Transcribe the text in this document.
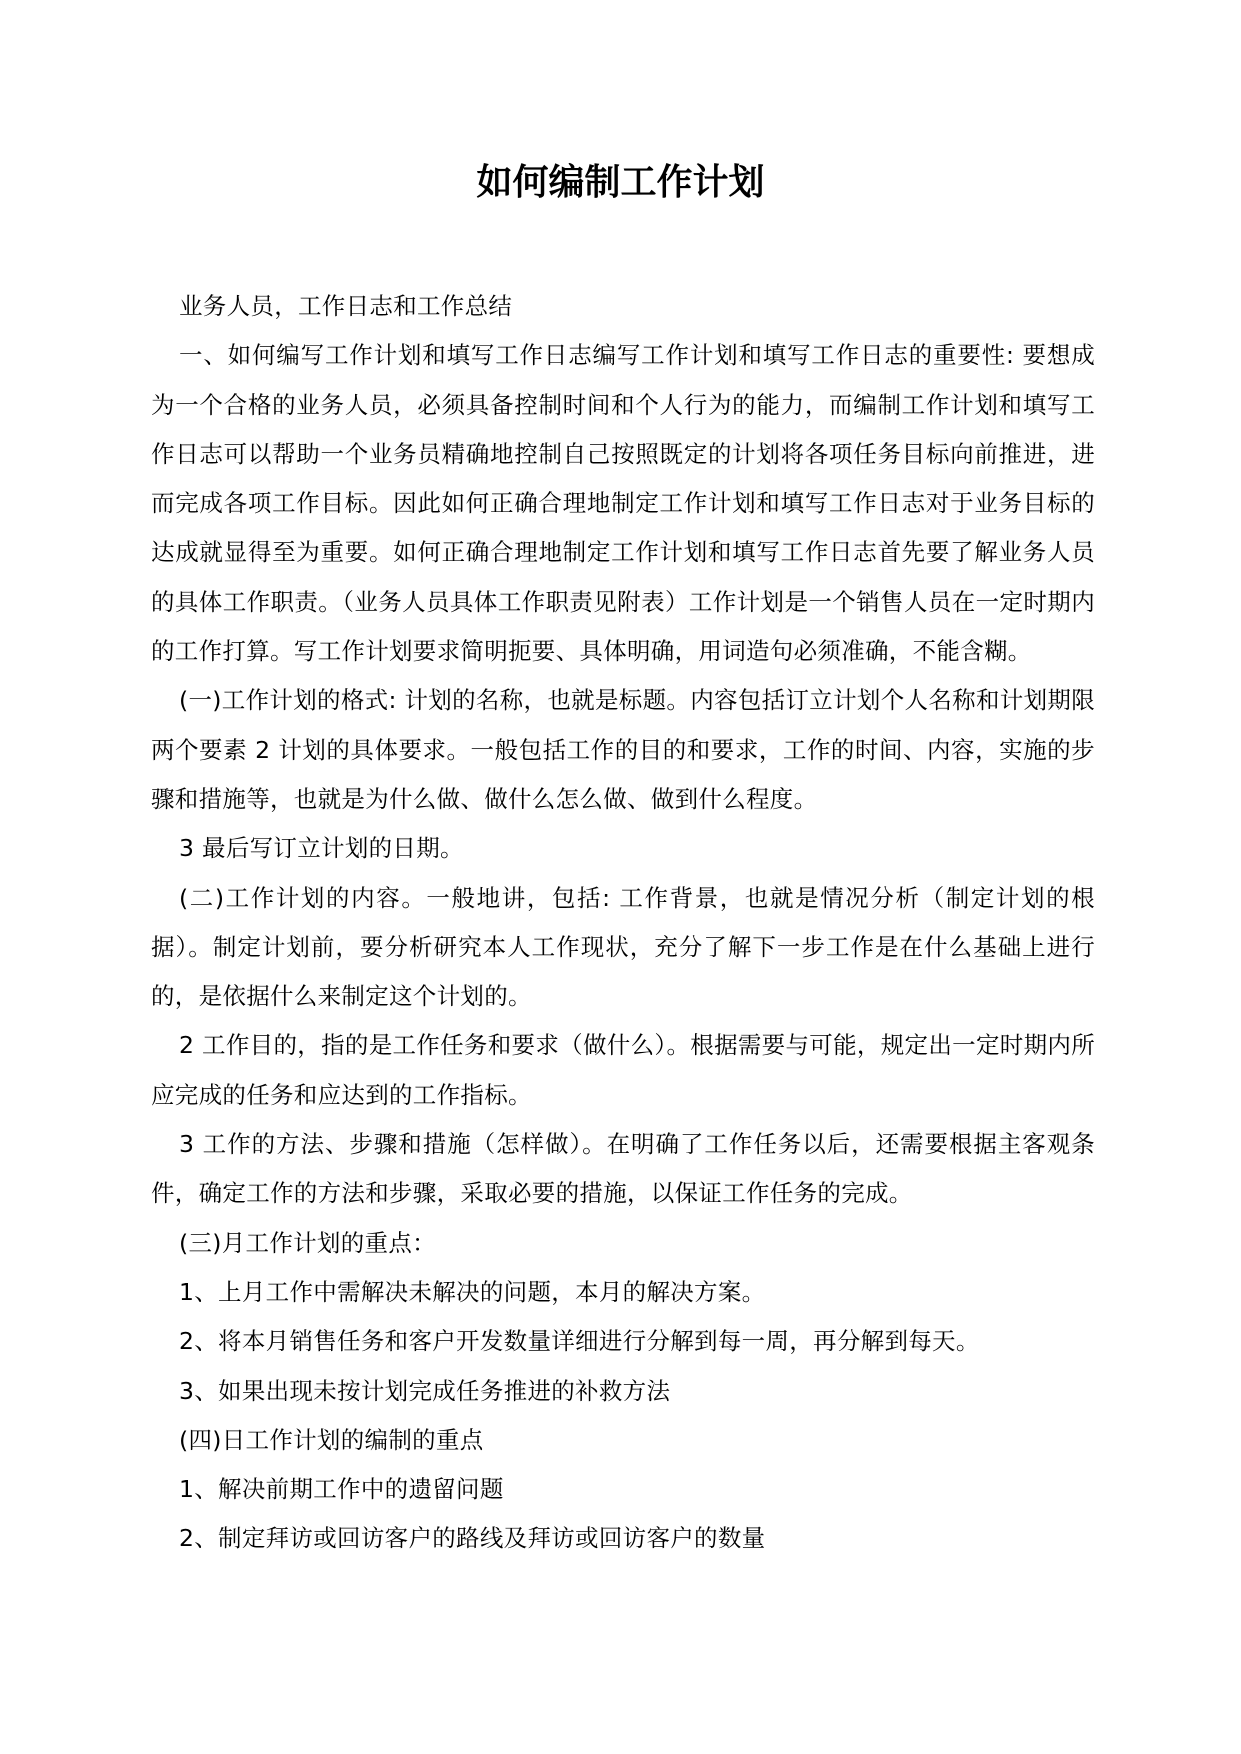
如何编制工作计划

业务人员，工作日志和工作总结

一、如何编写工作计划和填写工作日志编写工作计划和填写工作日志的重要性: 要想成为一个合格的业务人员，必须具备控制时间和个人行为的能力，而编制工作计划和填写工作日志可以帮助一个业务员精确地控制自己按照既定的计划将各项任务目标向前推进，进而完成各项工作目标。因此如何正确合理地制定工作计划和填写工作日志对于业务目标的达成就显得至为重要。如何正确合理地制定工作计划和填写工作日志首先要了解业务人员的具体工作职责。（业务人员具体工作职责见附表）工作计划是一个销售人员在一定时期内的工作打算。写工作计划要求简明扼要、具体明确，用词造句必须准确，不能含糊。

(一)工作计划的格式: 计划的名称，也就是标题。内容包括订立计划个人名称和计划期限两个要素 2 计划的具体要求。一般包括工作的目的和要求，工作的时间、内容，实施的步骤和措施等，也就是为什么做、做什么怎么做、做到什么程度。

3 最后写订立计划的日期。

(二)工作计划的内容。一般地讲，包括: 工作背景，也就是情况分析（制定计划的根据）。制定计划前，要分析研究本人工作现状，充分了解下一步工作是在什么基础上进行的，是依据什么来制定这个计划的。

2 工作目的，指的是工作任务和要求（做什么）。根据需要与可能，规定出一定时期内所应完成的任务和应达到的工作指标。

3 工作的方法、步骤和措施（怎样做）。在明确了工作任务以后，还需要根据主客观条件，确定工作的方法和步骤，采取必要的措施，以保证工作任务的完成。

(三)月工作计划的重点：

1、上月工作中需解决未解决的问题，本月的解决方案。

2、将本月销售任务和客户开发数量详细进行分解到每一周，再分解到每天。

3、如果出现未按计划完成任务推进的补救方法

(四)日工作计划的编制的重点

1、解决前期工作中的遗留问题

2、制定拜访或回访客户的路线及拜访或回访客户的数量
